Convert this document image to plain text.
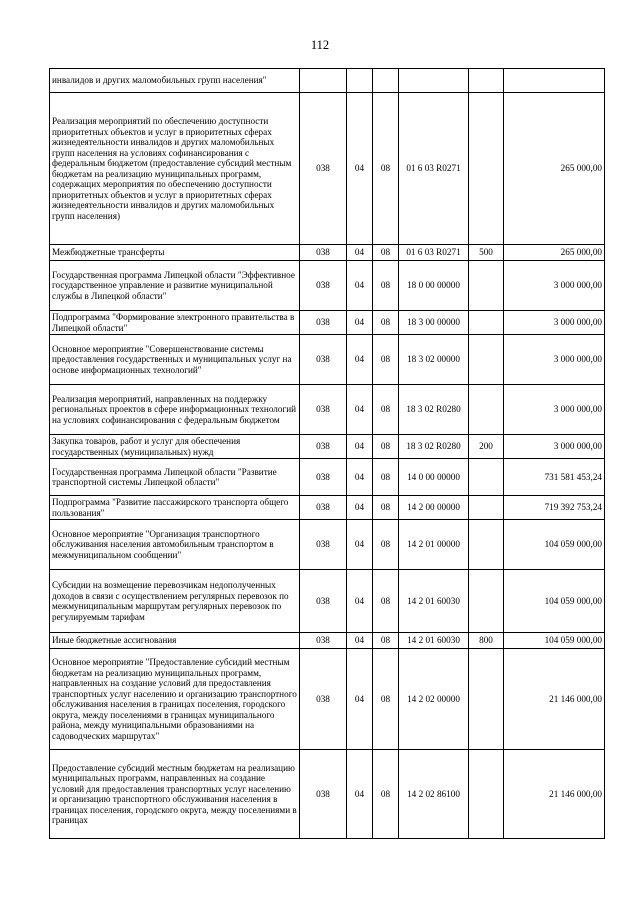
112
инвалидов и других маломобильных групп населения"						
Реализация мероприятий по обеспечению доступности приоритетных объектов и услуг в приоритетных сферах жизнедеятельности инвалидов и других маломобильных групп населения на условиях софинансирования с федеральным бюджетом (предоставление субсидий местным бюджетам на реализацию муниципальных программ, содержащих мероприятия по обеспечению доступности приоритетных объектов и услуг в приоритетных сферах жизнедеятельности инвалидов и других маломобильных групп населения)	038	04	08	01 6 03 R0271		265 000,00
Межбюджетные трансферты	038	04	08	01 6 03 R0271	500	265 000,00
Государственная программа Липецкой области "Эффективное государственное управление и развитие муниципальной службы в Липецкой области"	038	04	08	18 0 00 00000		3 000 000,00
Подпрограмма "Формирование электронного правительства в Липецкой области"	038	04	08	18 3 00 00000		3 000 000,00
Основное мероприятие "Совершенствование системы предоставления государственных и муниципальных услуг на основе информационных технологий"	038	04	08	18 3 02 00000		3 000 000,00
Реализация мероприятий, направленных на поддержку региональных проектов в сфере информационных технологий на условиях софинансирования с федеральным бюджетом	038	04	08	18 3 02 R0280		3 000 000,00
Закупка товаров, работ и услуг для обеспечения государственных (муниципальных) нужд	038	04	08	18 3 02 R0280	200	3 000 000,00
Государственная программа Липецкой области "Развитие транспортной системы Липецкой области"	038	04	08	14 0 00 00000		731 581 453,24
Подпрограмма "Развитие пассажирского транспорта общего пользования"	038	04	08	14 2 00 00000		719 392 753,24
Основное мероприятие "Организация транспортного обслуживания населения автомобильным транспортом в межмуниципальном сообщении"	038	04	08	14 2 01 00000		104 059 000,00
Субсидии на возмещение перевозчикам недополученных доходов в связи с осуществлением регулярных перевозок по межмуниципальным маршрутам регулярных перевозок по регулируемым тарифам	038	04	08	14 2 01 60030		104 059 000,00
Иные бюджетные ассигнования	038	04	08	14 2 01 60030	800	104 059 000,00
Основное мероприятие "Предоставление субсидий местным бюджетам на реализацию муниципальных программ, направленных на создание условий для предоставления транспортных услуг населению и организацию транспортного обслуживания населения в границах поселения, городского округа, между поселениями в границах муниципального района, между муниципальными образованиями на садоводческих маршрутах"	038	04	08	14 2 02 00000		21 146 000,00
Предоставление субсидий местным бюджетам на реализацию муниципальных программ, направленных на создание условий для предоставления транспортных услуг населению и организацию транспортного обслуживания населения в границах поселения, городского округа, между поселениями в границах	038	04	08	14 2 02 86100		21 146 000,00
